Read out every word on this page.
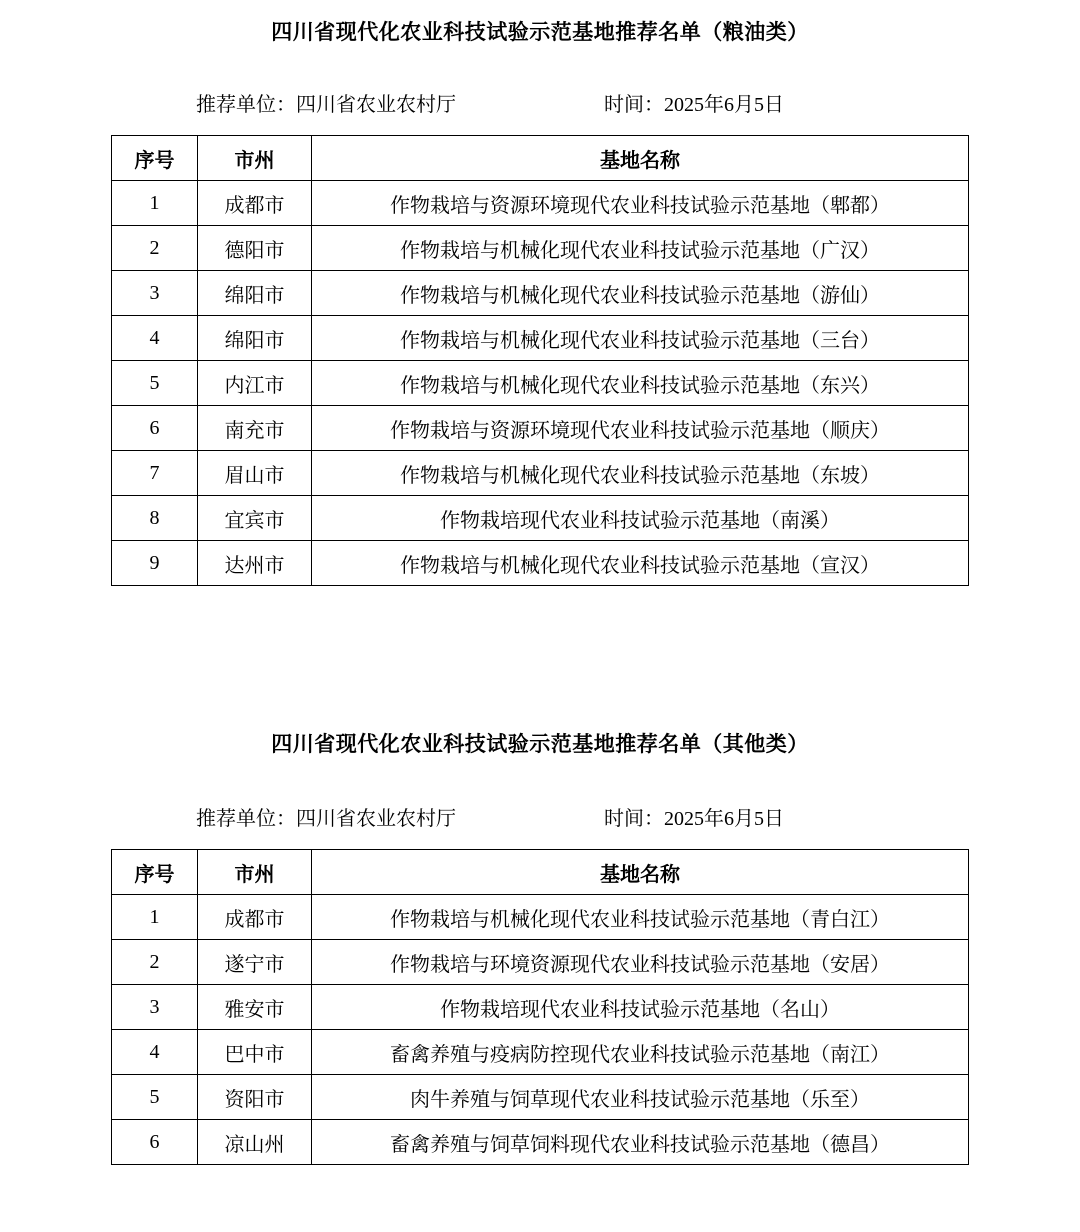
四川省现代化农业科技试验示范基地推荐名单（粮油类）
推荐单位：四川省农业农村厅	时间：2025年6月5日
序号	市州	基地名称
1	成都市	作物栽培与资源环境现代农业科技试验示范基地（郫都）
2	德阳市	作物栽培与机械化现代农业科技试验示范基地（广汉）
3	绵阳市	作物栽培与机械化现代农业科技试验示范基地（游仙）
4	绵阳市	作物栽培与机械化现代农业科技试验示范基地（三台）
5	内江市	作物栽培与机械化现代农业科技试验示范基地（东兴）
6	南充市	作物栽培与资源环境现代农业科技试验示范基地（顺庆）
7	眉山市	作物栽培与机械化现代农业科技试验示范基地（东坡）
8	宜宾市	作物栽培现代农业科技试验示范基地（南溪）
9	达州市	作物栽培与机械化现代农业科技试验示范基地（宣汉）
四川省现代化农业科技试验示范基地推荐名单（其他类）
推荐单位：四川省农业农村厅	时间：2025年6月5日
序号	市州	基地名称
1	成都市	作物栽培与机械化现代农业科技试验示范基地（青白江）
2	遂宁市	作物栽培与环境资源现代农业科技试验示范基地（安居）
3	雅安市	作物栽培现代农业科技试验示范基地（名山）
4	巴中市	畜禽养殖与疫病防控现代农业科技试验示范基地（南江）
5	资阳市	肉牛养殖与饲草现代农业科技试验示范基地（乐至）
6	凉山州	畜禽养殖与饲草饲料现代农业科技试验示范基地（德昌）
